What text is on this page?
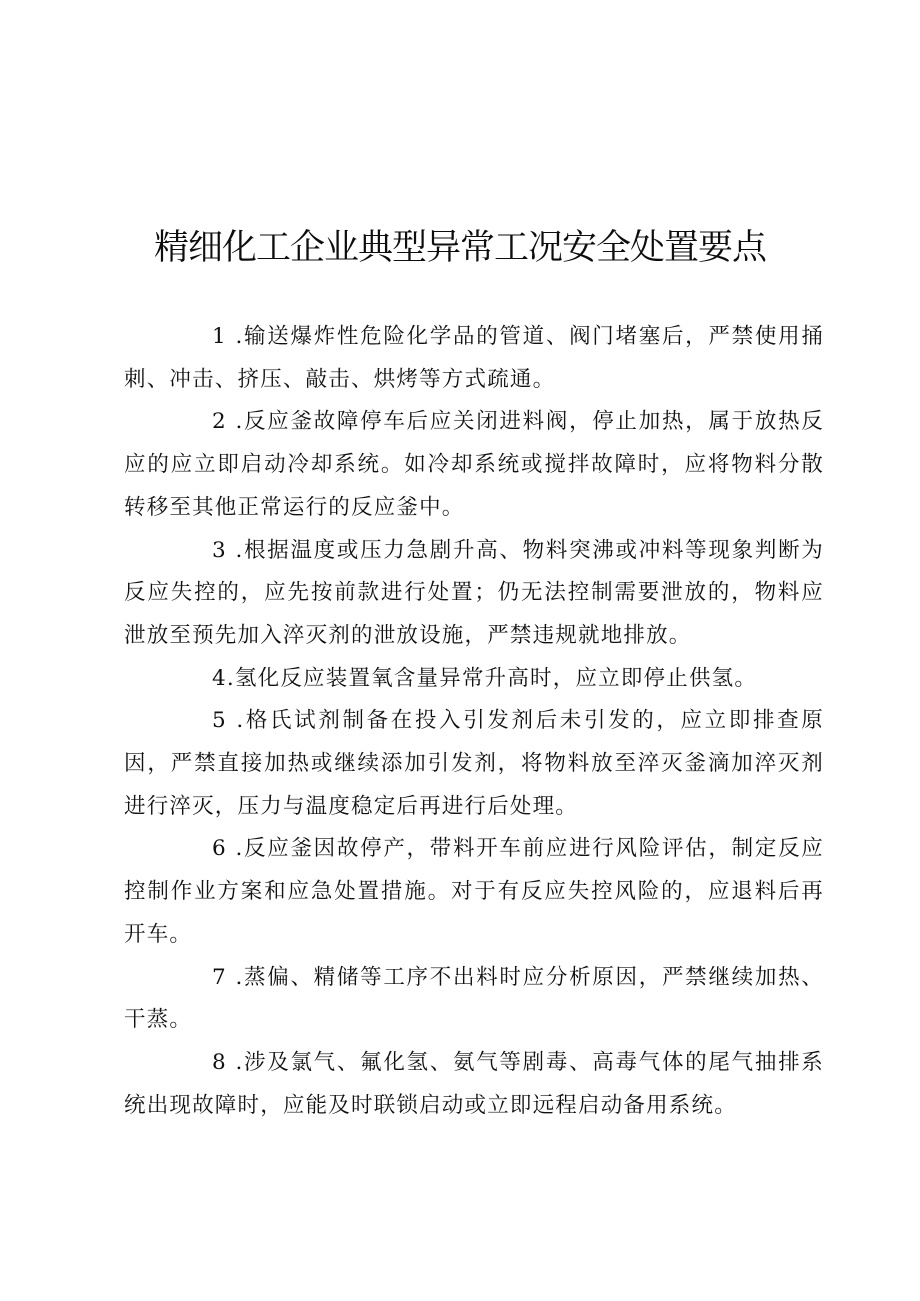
精细化工企业典型异常工况安全处置要点

1 .输送爆炸性危险化学品的管道、阀门堵塞后，严禁使用捅刺、冲击、挤压、敲击、烘烤等方式疏通。

2 .反应釜故障停车后应关闭进料阀，停止加热，属于放热反应的应立即启动冷却系统。如冷却系统或搅拌故障时，应将物料分散转移至其他正常运行的反应釜中。

3 .根据温度或压力急剧升高、物料突沸或冲料等现象判断为反应失控的，应先按前款进行处置；仍无法控制需要泄放的，物料应泄放至预先加入淬灭剂的泄放设施，严禁违规就地排放。

4.氢化反应装置氧含量异常升高时，应立即停止供氢。

5 .格氏试剂制备在投入引发剂后未引发的，应立即排查原因，严禁直接加热或继续添加引发剂，将物料放至淬灭釜滴加淬灭剂进行淬灭，压力与温度稳定后再进行后处理。

6 .反应釜因故停产，带料开车前应进行风险评估，制定反应控制作业方案和应急处置措施。对于有反应失控风险的，应退料后再开车。

7 .蒸偏、精储等工序不出料时应分析原因，严禁继续加热、干蒸。

8 .涉及氯气、氟化氢、氨气等剧毒、高毒气体的尾气抽排系统出现故障时，应能及时联锁启动或立即远程启动备用系统。
